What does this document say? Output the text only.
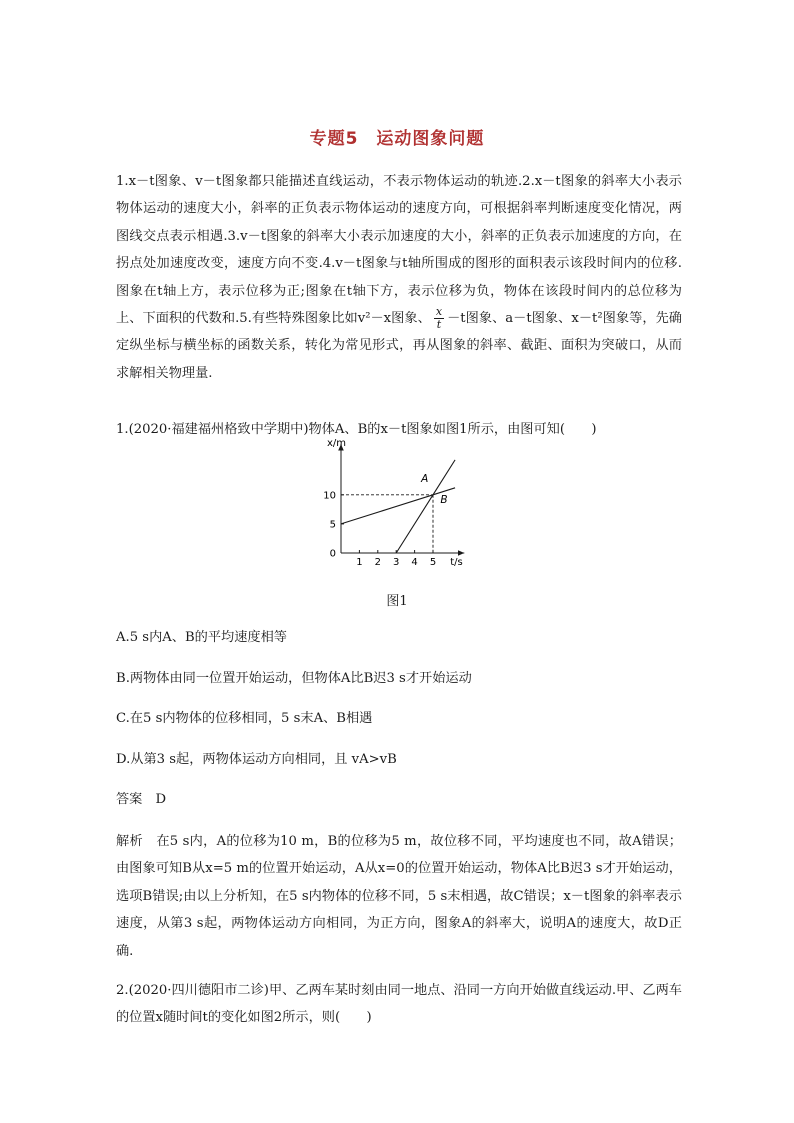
专题5　运动图象问题

1.x－t图象、v－t图象都只能描述直线运动，不表示物体运动的轨迹.2.x－t图象的斜率大小表示物体运动的速度大小，斜率的正负表示物体运动的速度方向，可根据斜率判断速度变化情况，两图线交点表示相遇.3.v－t图象的斜率大小表示加速度的大小，斜率的正负表示加速度的方向，在拐点处加速度改变，速度方向不变.4.v－t图象与t轴所围成的图形的面积表示该段时间内的位移.图象在t轴上方，表示位移为正;图象在t轴下方，表示位移为负，物体在该段时间内的总位移为上、下面积的代数和.5.有些特殊图象比如v²－x图象、 $\frac{x}{t} -t$图象、a－t图象、x－t²图象等，先确定纵坐标与横坐标的函数关系，转化为常见形式，再从图象的斜率、截距、面积为突破口，从而求解相关物理量.

1.(2020·福建福州格致中学期中)物体A、B的x－t图象如图1所示，由图可知(　　)
x/m
t/s
1 2 3 4 5
0
5
10
A
B
图1
A.5 s内A、B的平均速度相等
B.两物体由同一位置开始运动，但物体A比B迟3 s才开始运动
C.在5 s内物体的位移相同，5 s末A、B相遇
D.从第3 s起，两物体运动方向相同，且 vA>vB
答案　D

解析　在5 s内，A的位移为10 m，B的位移为5 m，故位移不同，平均速度也不同，故A错误；由图象可知B从x=5 m的位置开始运动，A从x=0的位置开始运动，物体A比B迟3 s才开始运动，选项B错误;由以上分析知，在5 s内物体的位移不同，5 s末相遇，故C错误；x－t图象的斜率表示速度，从第3 s起，两物体运动方向相同，为正方向，图象A的斜率大，说明A的速度大，故D正确.

2.(2020·四川德阳市二诊)甲、乙两车某时刻由同一地点、沿同一方向开始做直线运动.甲、乙两车的位置x随时间t的变化如图2所示，则(　　)
